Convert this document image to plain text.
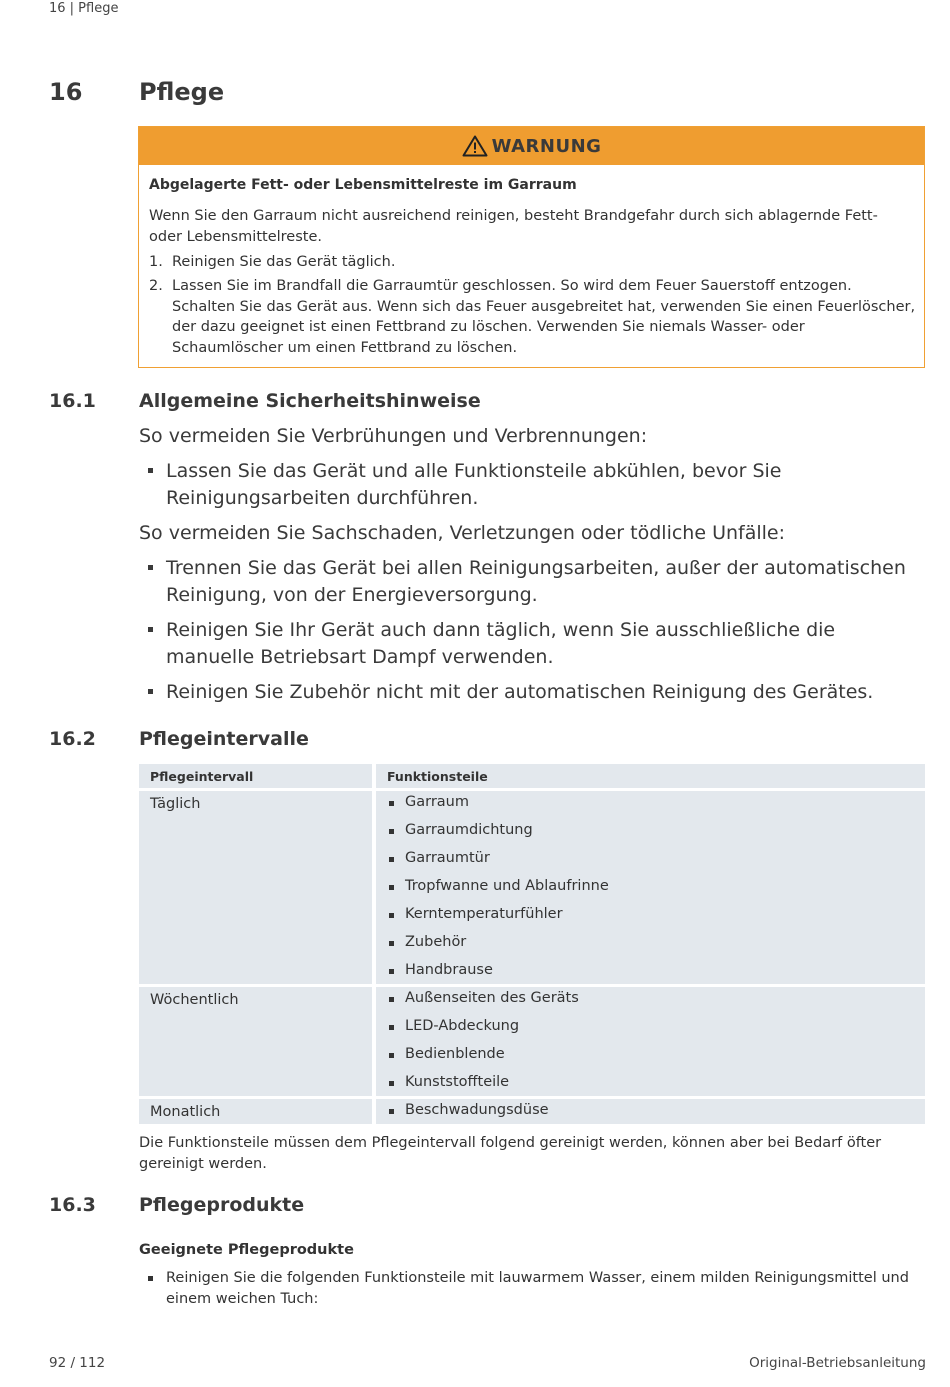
16 | Pflege
16 Pflege
WARNUNG
Abgelagerte Fett- oder Lebensmittelreste im Garraum
Wenn Sie den Garraum nicht ausreichend reinigen, besteht Brandgefahr durch sich ablagernde Fett- oder Lebensmittelreste.
1. Reinigen Sie das Gerät täglich.
2. Lassen Sie im Brandfall die Garraumtür geschlossen. So wird dem Feuer Sauerstoff entzogen. Schalten Sie das Gerät aus. Wenn sich das Feuer ausgebreitet hat, verwenden Sie einen Feuerlöscher, der dazu geeignet ist einen Fettbrand zu löschen. Verwenden Sie niemals Wasser- oder Schaumlöscher um einen Fettbrand zu löschen.
16.1 Allgemeine Sicherheitshinweise
So vermeiden Sie Verbrühungen und Verbrennungen:
Lassen Sie das Gerät und alle Funktionsteile abkühlen, bevor Sie Reinigungsarbeiten durchführen.
So vermeiden Sie Sachschaden, Verletzungen oder tödliche Unfälle:
Trennen Sie das Gerät bei allen Reinigungsarbeiten, außer der automatischen Reinigung, von der Energieversorgung.
Reinigen Sie Ihr Gerät auch dann täglich, wenn Sie ausschließliche die manuelle Betriebsart Dampf verwenden.
Reinigen Sie Zubehör nicht mit der automatischen Reinigung des Gerätes.
16.2 Pflegeintervalle
Pflegeintervall	Funktionsteile
Täglich	Garraum
Garraumdichtung
Garraumtür
Tropfwanne und Ablaufrinne
Kerntemperaturfühler
Zubehör
Handbrause
Wöchentlich	Außenseiten des Geräts
LED-Abdeckung
Bedienblende
Kunststoffteile
Monatlich	Beschwadungsdüse
Die Funktionsteile müssen dem Pflegeintervall folgend gereinigt werden, können aber bei Bedarf öfter gereinigt werden.
16.3 Pflegeprodukte
Geeignete Pflegeprodukte
Reinigen Sie die folgenden Funktionsteile mit lauwarmem Wasser, einem milden Reinigungsmittel und einem weichen Tuch:
92 / 112	Original-Betriebsanleitung
